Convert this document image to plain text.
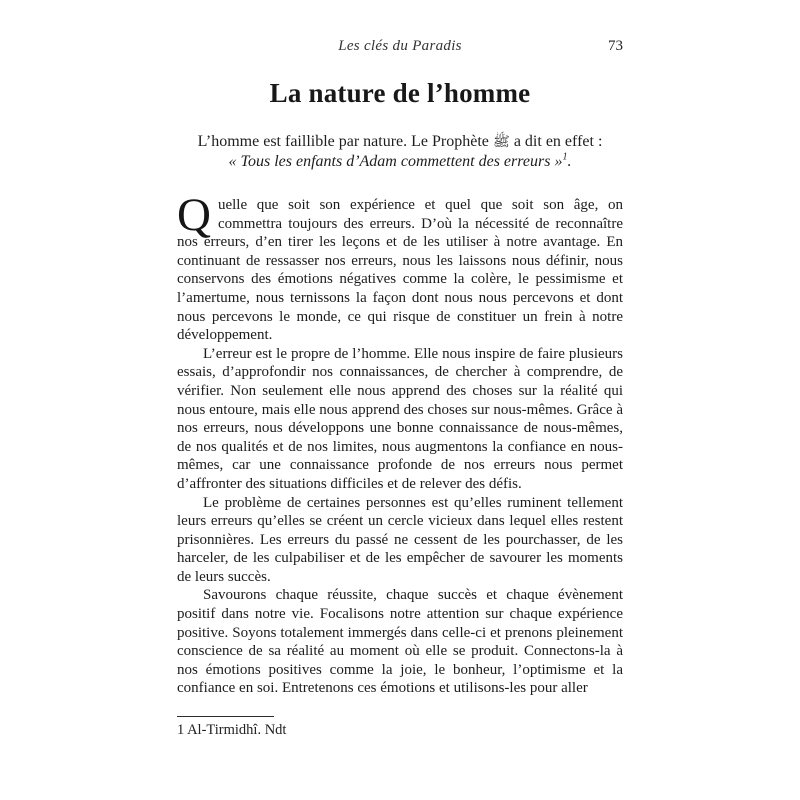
Les clés du Paradis	73
La nature de l’homme
L’homme est faillible par nature. Le Prophète ﷺ a dit en effet :
« Tous les enfants d’Adam commettent des erreurs »$^1$.

Quelle que soit son expérience et quel que soit son âge, on commettra toujours des erreurs. D’où la nécessité de reconnaître nos erreurs, d’en tirer les leçons et de les utiliser à notre avantage. En continuant de ressasser nos erreurs, nous les laissons nous définir, nous conservons des émotions négatives comme la colère, le pessimisme et l’amertume, nous ternissons la façon dont nous nous percevons et dont nous percevons le monde, ce qui risque de constituer un frein à notre développement.

L’erreur est le propre de l’homme. Elle nous inspire de faire plusieurs essais, d’approfondir nos connaissances, de chercher à comprendre, de vérifier. Non seulement elle nous apprend des choses sur la réalité qui nous entoure, mais elle nous apprend des choses sur nous-mêmes. Grâce à nos erreurs, nous développons une bonne connaissance de nous-mêmes, de nos qualités et de nos limites, nous augmentons la confiance en nous-mêmes, car une connaissance profonde de nos erreurs nous permet d’affronter des situations difficiles et de relever des défis.

Le problème de certaines personnes est qu’elles ruminent tellement leurs erreurs qu’elles se créent un cercle vicieux dans lequel elles restent prisonnières. Les erreurs du passé ne cessent de les pourchasser, de les harceler, de les culpabiliser et de les empêcher de savourer les moments de leurs succès.

Savourons chaque réussite, chaque succès et chaque évènement positif dans notre vie. Focalisons notre attention sur chaque expérience positive. Soyons totalement immergés dans celle-ci et prenons pleinement conscience de sa réalité au moment où elle se produit. Connectons-la à nos émotions positives comme la joie, le bonheur, l’optimisme et la confiance en soi. Entretenons ces émotions et utilisons-les pour aller

1 Al-Tirmidhî. Ndt
